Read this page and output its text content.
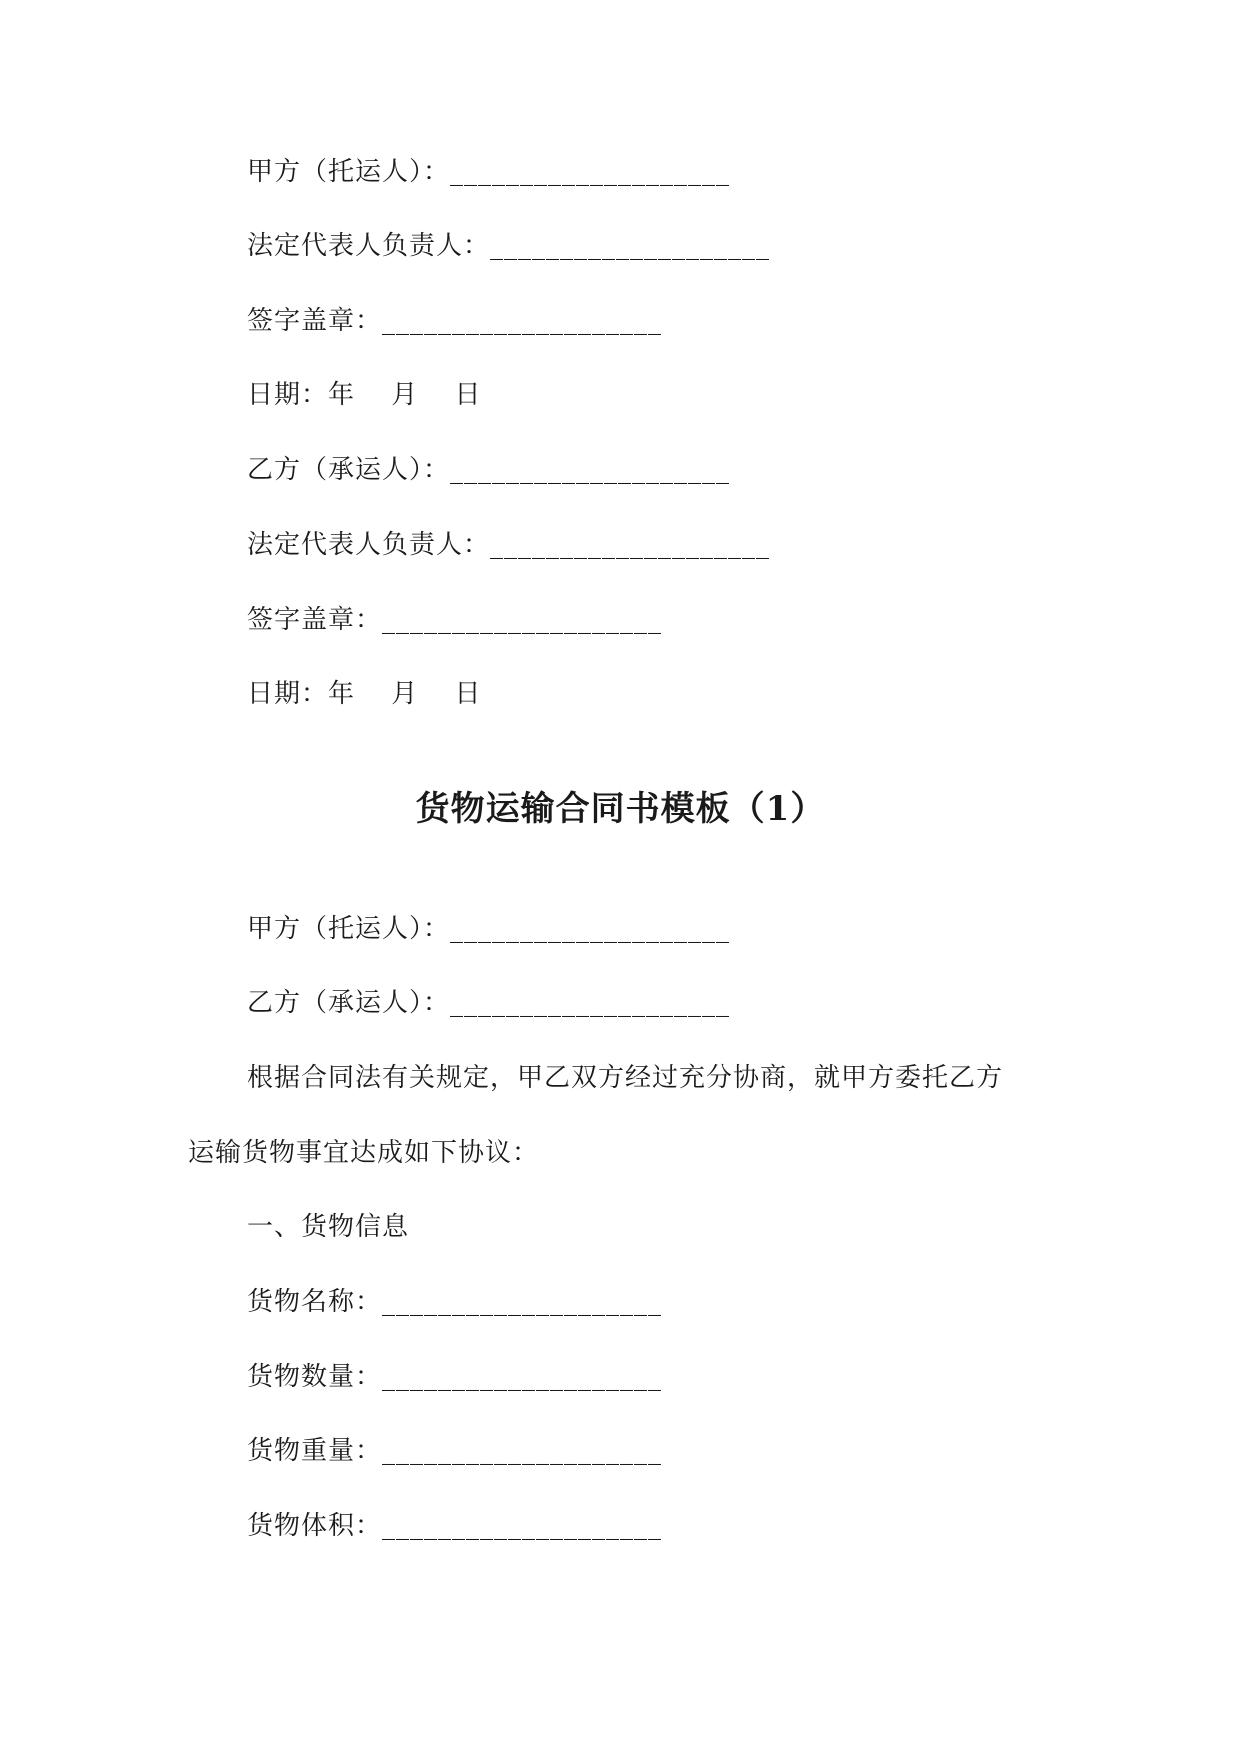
甲方（托运人）：____________________
法定代表人负责人：____________________
签字盖章：____________________
日期：年　 月　 日
乙方（承运人）：____________________
法定代表人负责人：____________________
签字盖章：____________________
日期：年　 月　 日
货物运输合同书模板（1）
甲方（托运人）：____________________
乙方（承运人）：____________________
根据合同法有关规定，甲乙双方经过充分协商，就甲方委托乙方
运输货物事宜达成如下协议：
一、货物信息
货物名称：____________________
货物数量：____________________
货物重量：____________________
货物体积：____________________
